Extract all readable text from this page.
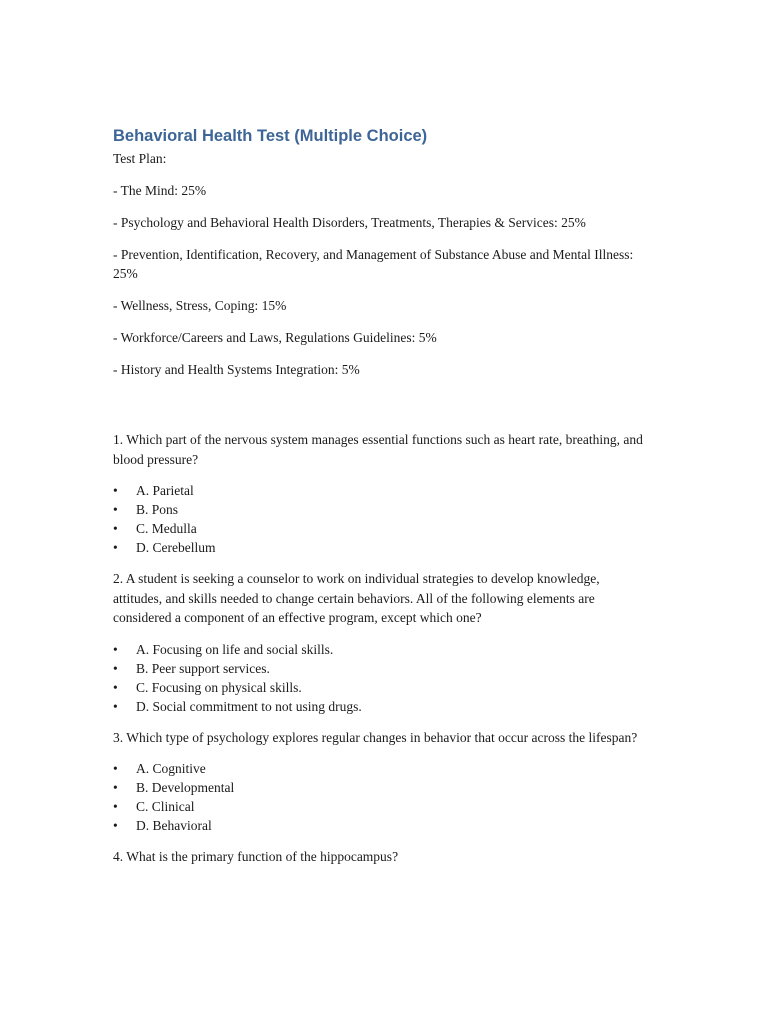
Behavioral Health Test (Multiple Choice)

Test Plan:

- The Mind: 25%

- Psychology and Behavioral Health Disorders, Treatments, Therapies & Services: 25%

- Prevention, Identification, Recovery, and Management of Substance Abuse and Mental Illness: 25%

- Wellness, Stress, Coping: 15%

- Workforce/Careers and Laws, Regulations Guidelines: 5%

- History and Health Systems Integration: 5%

1. Which part of the nervous system manages essential functions such as heart rate, breathing, and blood pressure?

• A. Parietal
• B. Pons
• C. Medulla
• D. Cerebellum

2. A student is seeking a counselor to work on individual strategies to develop knowledge, attitudes, and skills needed to change certain behaviors. All of the following elements are considered a component of an effective program, except which one?

• A. Focusing on life and social skills.
• B. Peer support services.
• C. Focusing on physical skills.
• D. Social commitment to not using drugs.

3. Which type of psychology explores regular changes in behavior that occur across the lifespan?

• A. Cognitive
• B. Developmental
• C. Clinical
• D. Behavioral

4. What is the primary function of the hippocampus?
